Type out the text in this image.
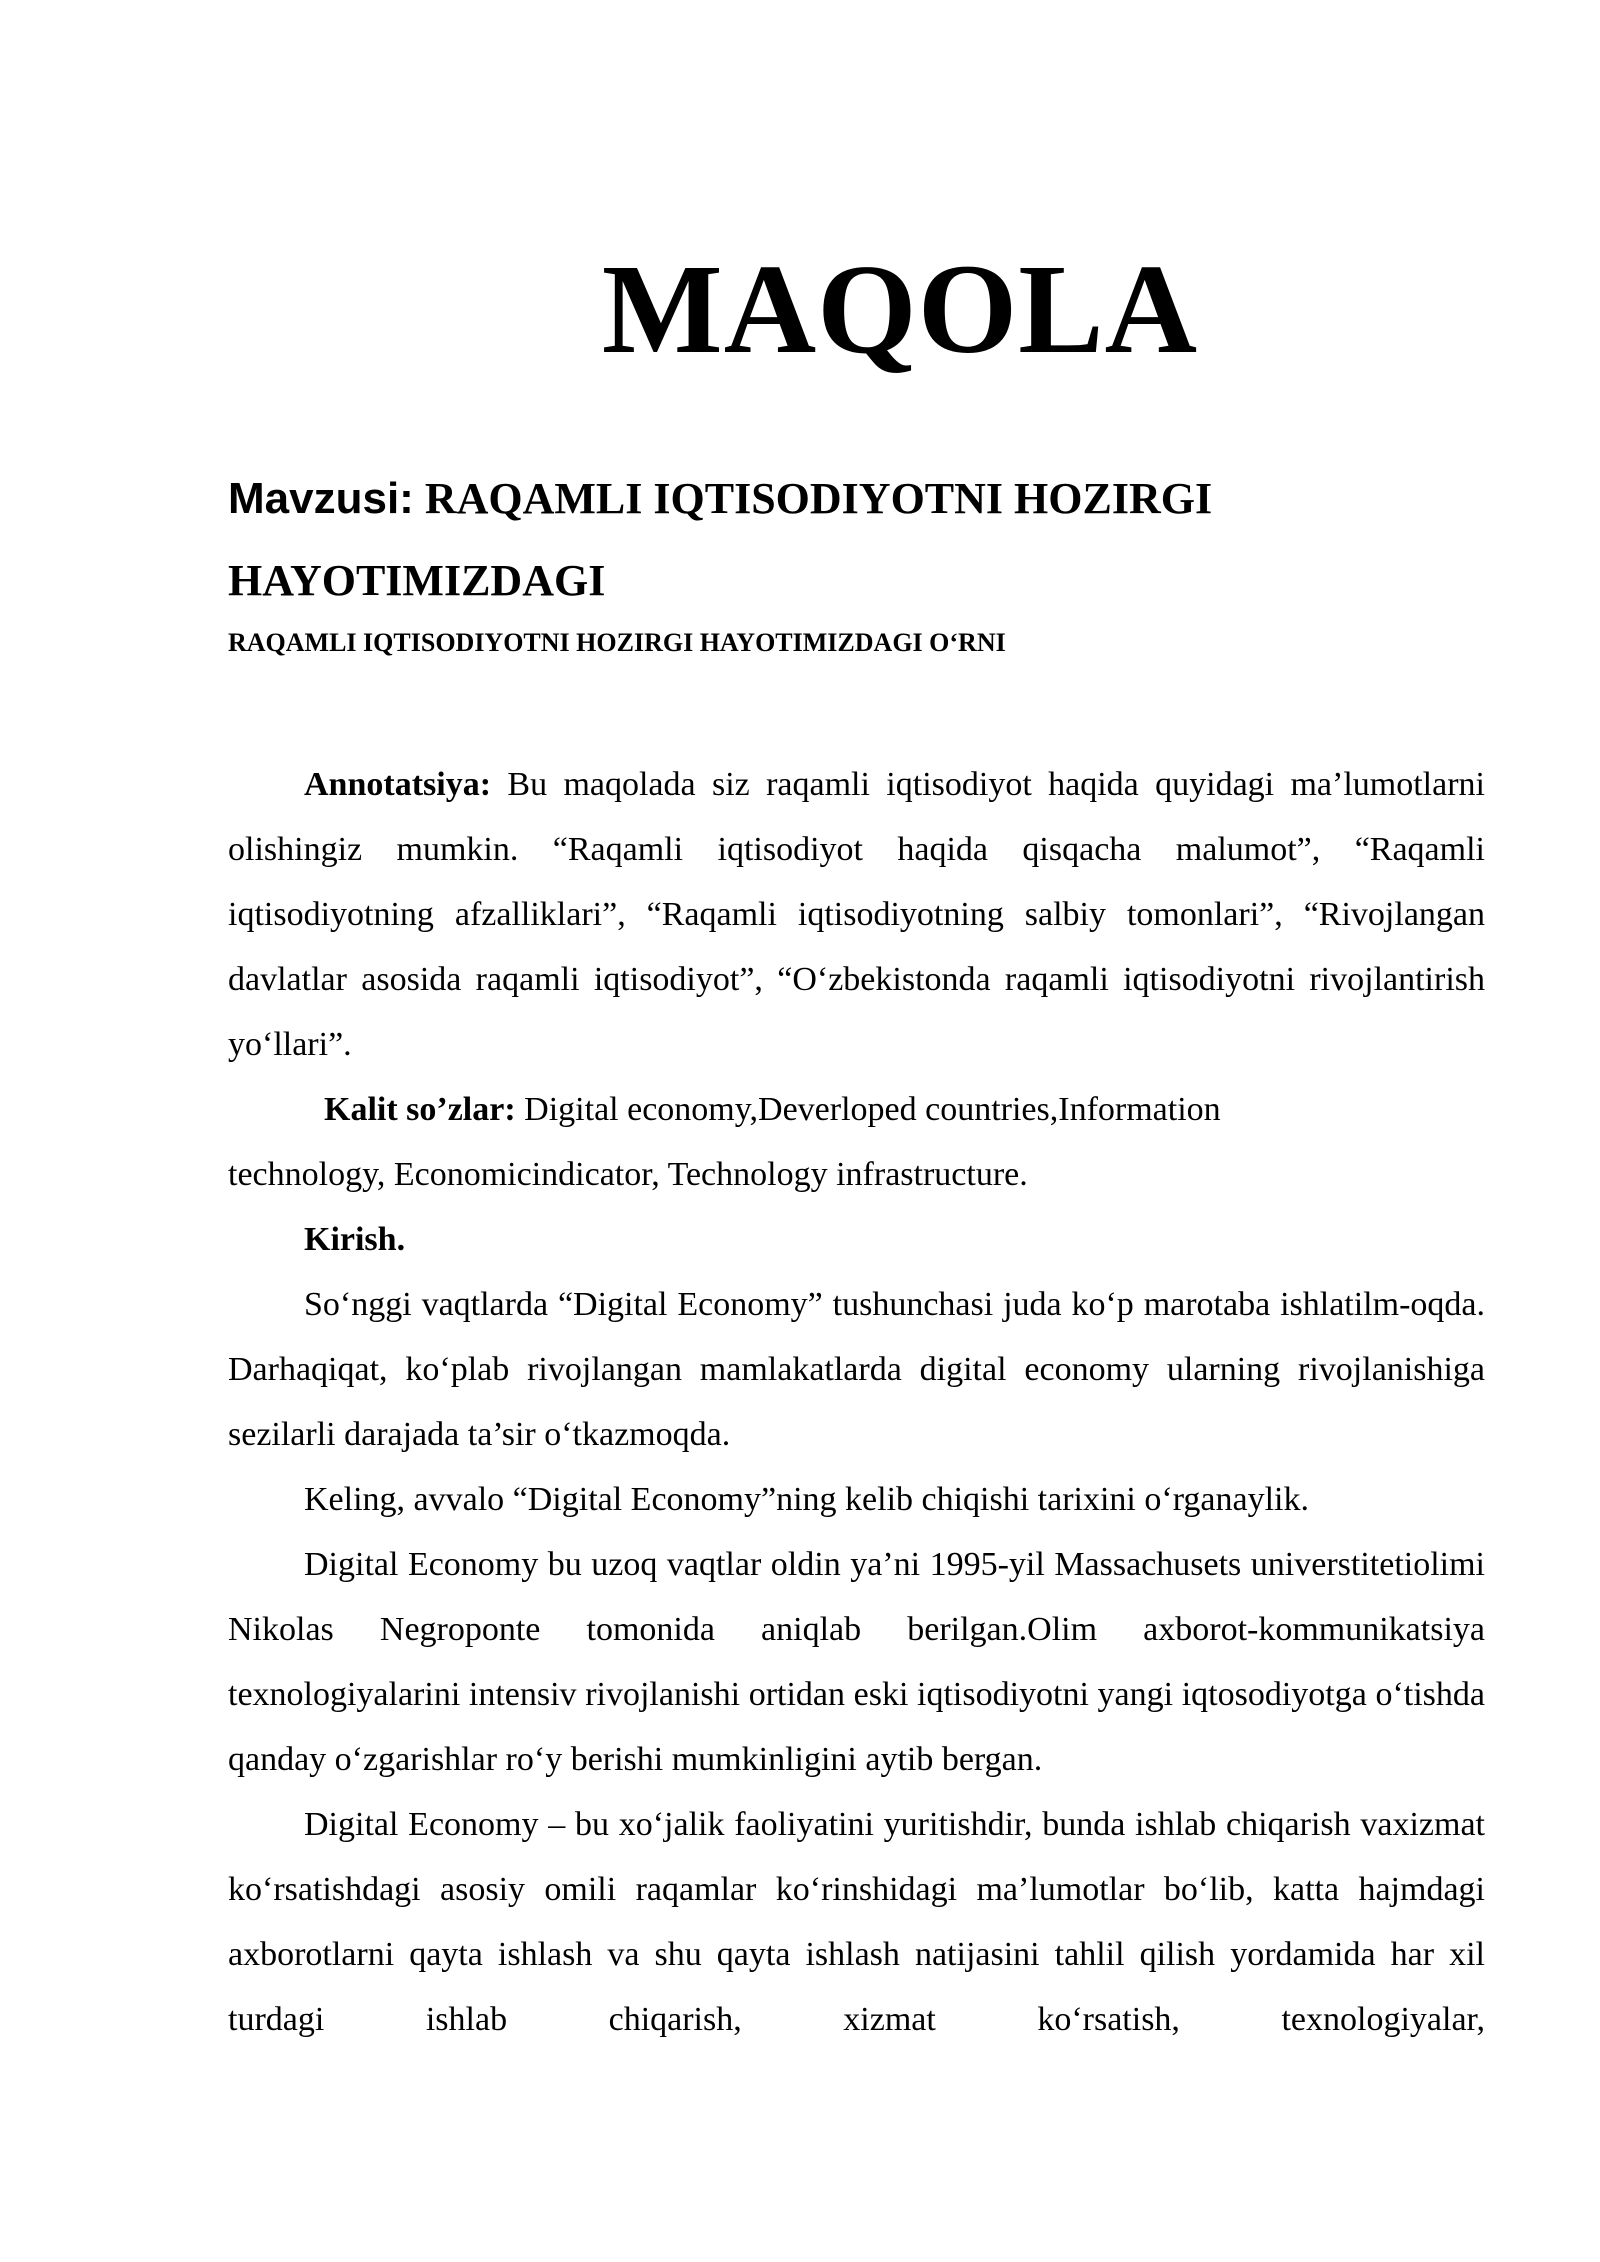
MAQOLA
Mavzusi: RAQAMLI IQTISODIYOTNI HOZIRGI HAYOTIMIZDAGI
RAQAMLI IQTISODIYOTNI HOZIRGI HAYOTIMIZDAGI O‘RNI

Annotatsiya: Bu maqolada siz raqamli iqtisodiyot haqida quyidagi ma’lumotlarni olishingiz mumkin. “Raqamli iqtisodiyot haqida qisqacha malumot”, “Raqamli iqtisodiyotning afzalliklari”, “Raqamli iqtisodiyotning salbiy tomonlari”, “Rivojlangan davlatlar asosida raqamli iqtisodiyot”, “O‘zbekistonda raqamli iqtisodiyotni rivojlantirish yo‘llari”.

Kalit so’zlar: Digital economy,Deverloped countries,Information

technology, Economicindicator, Technology infrastructure.

Kirish.

So‘nggi vaqtlarda “Digital Economy” tushunchasi juda ko‘p marotaba ishlatilm-oqda. Darhaqiqat, ko‘plab rivojlangan mamlakatlarda digital economy ularning rivojlanishiga sezilarli darajada ta’sir o‘tkazmoqda.

Keling, avvalo “Digital Economy”ning kelib chiqishi tarixini o‘rganaylik.

Digital Economy bu uzoq vaqtlar oldin ya’ni 1995-yil Massachusets universtitetiolimi Nikolas Negroponte tomonida aniqlab berilgan.Olim axborot-kommunikatsiya texnologiyalarini intensiv rivojlanishi ortidan eski iqtisodiyotni yangi iqtosodiyotga o‘tishda qanday o‘zgarishlar ro‘y berishi mumkinligini aytib bergan.

Digital Economy – bu xo‘jalik faoliyatini yuritishdir, bunda ishlab chiqarish vaxizmat ko‘rsatishdagi asosiy omili raqamlar ko‘rinshidagi ma’lumotlar bo‘lib, katta hajmdagi axborotlarni qayta ishlash va shu qayta ishlash natijasini tahlil qilish yordamida har xil turdagi ishlab chiqarish, xizmat ko‘rsatish, texnologiyalar,
